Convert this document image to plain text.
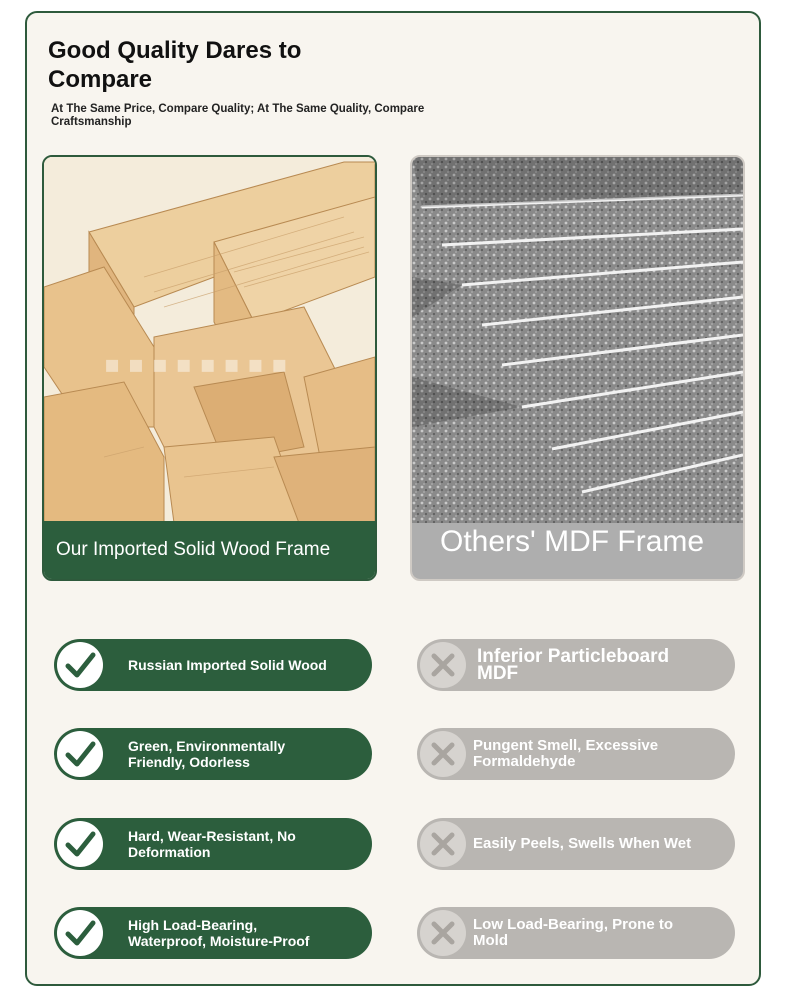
Good Quality Dares to Compare
At The Same Price, Compare Quality; At The Same Quality, Compare Craftsmanship
▪ ▪ ▪ ▪ ▪ ▪ ▪ ▪
Our Imported Solid Wood Frame	Others' MDF Frame
Russian Imported Solid Wood
Green, Environmentally Friendly, Odorless
Hard, Wear-Resistant, No Deformation
High Load-Bearing, Waterproof, Moisture-Proof
Inferior Particleboard MDF
Pungent Smell, Excessive Formaldehyde
Easily Peels, Swells When Wet
Low Load-Bearing, Prone to Mold
